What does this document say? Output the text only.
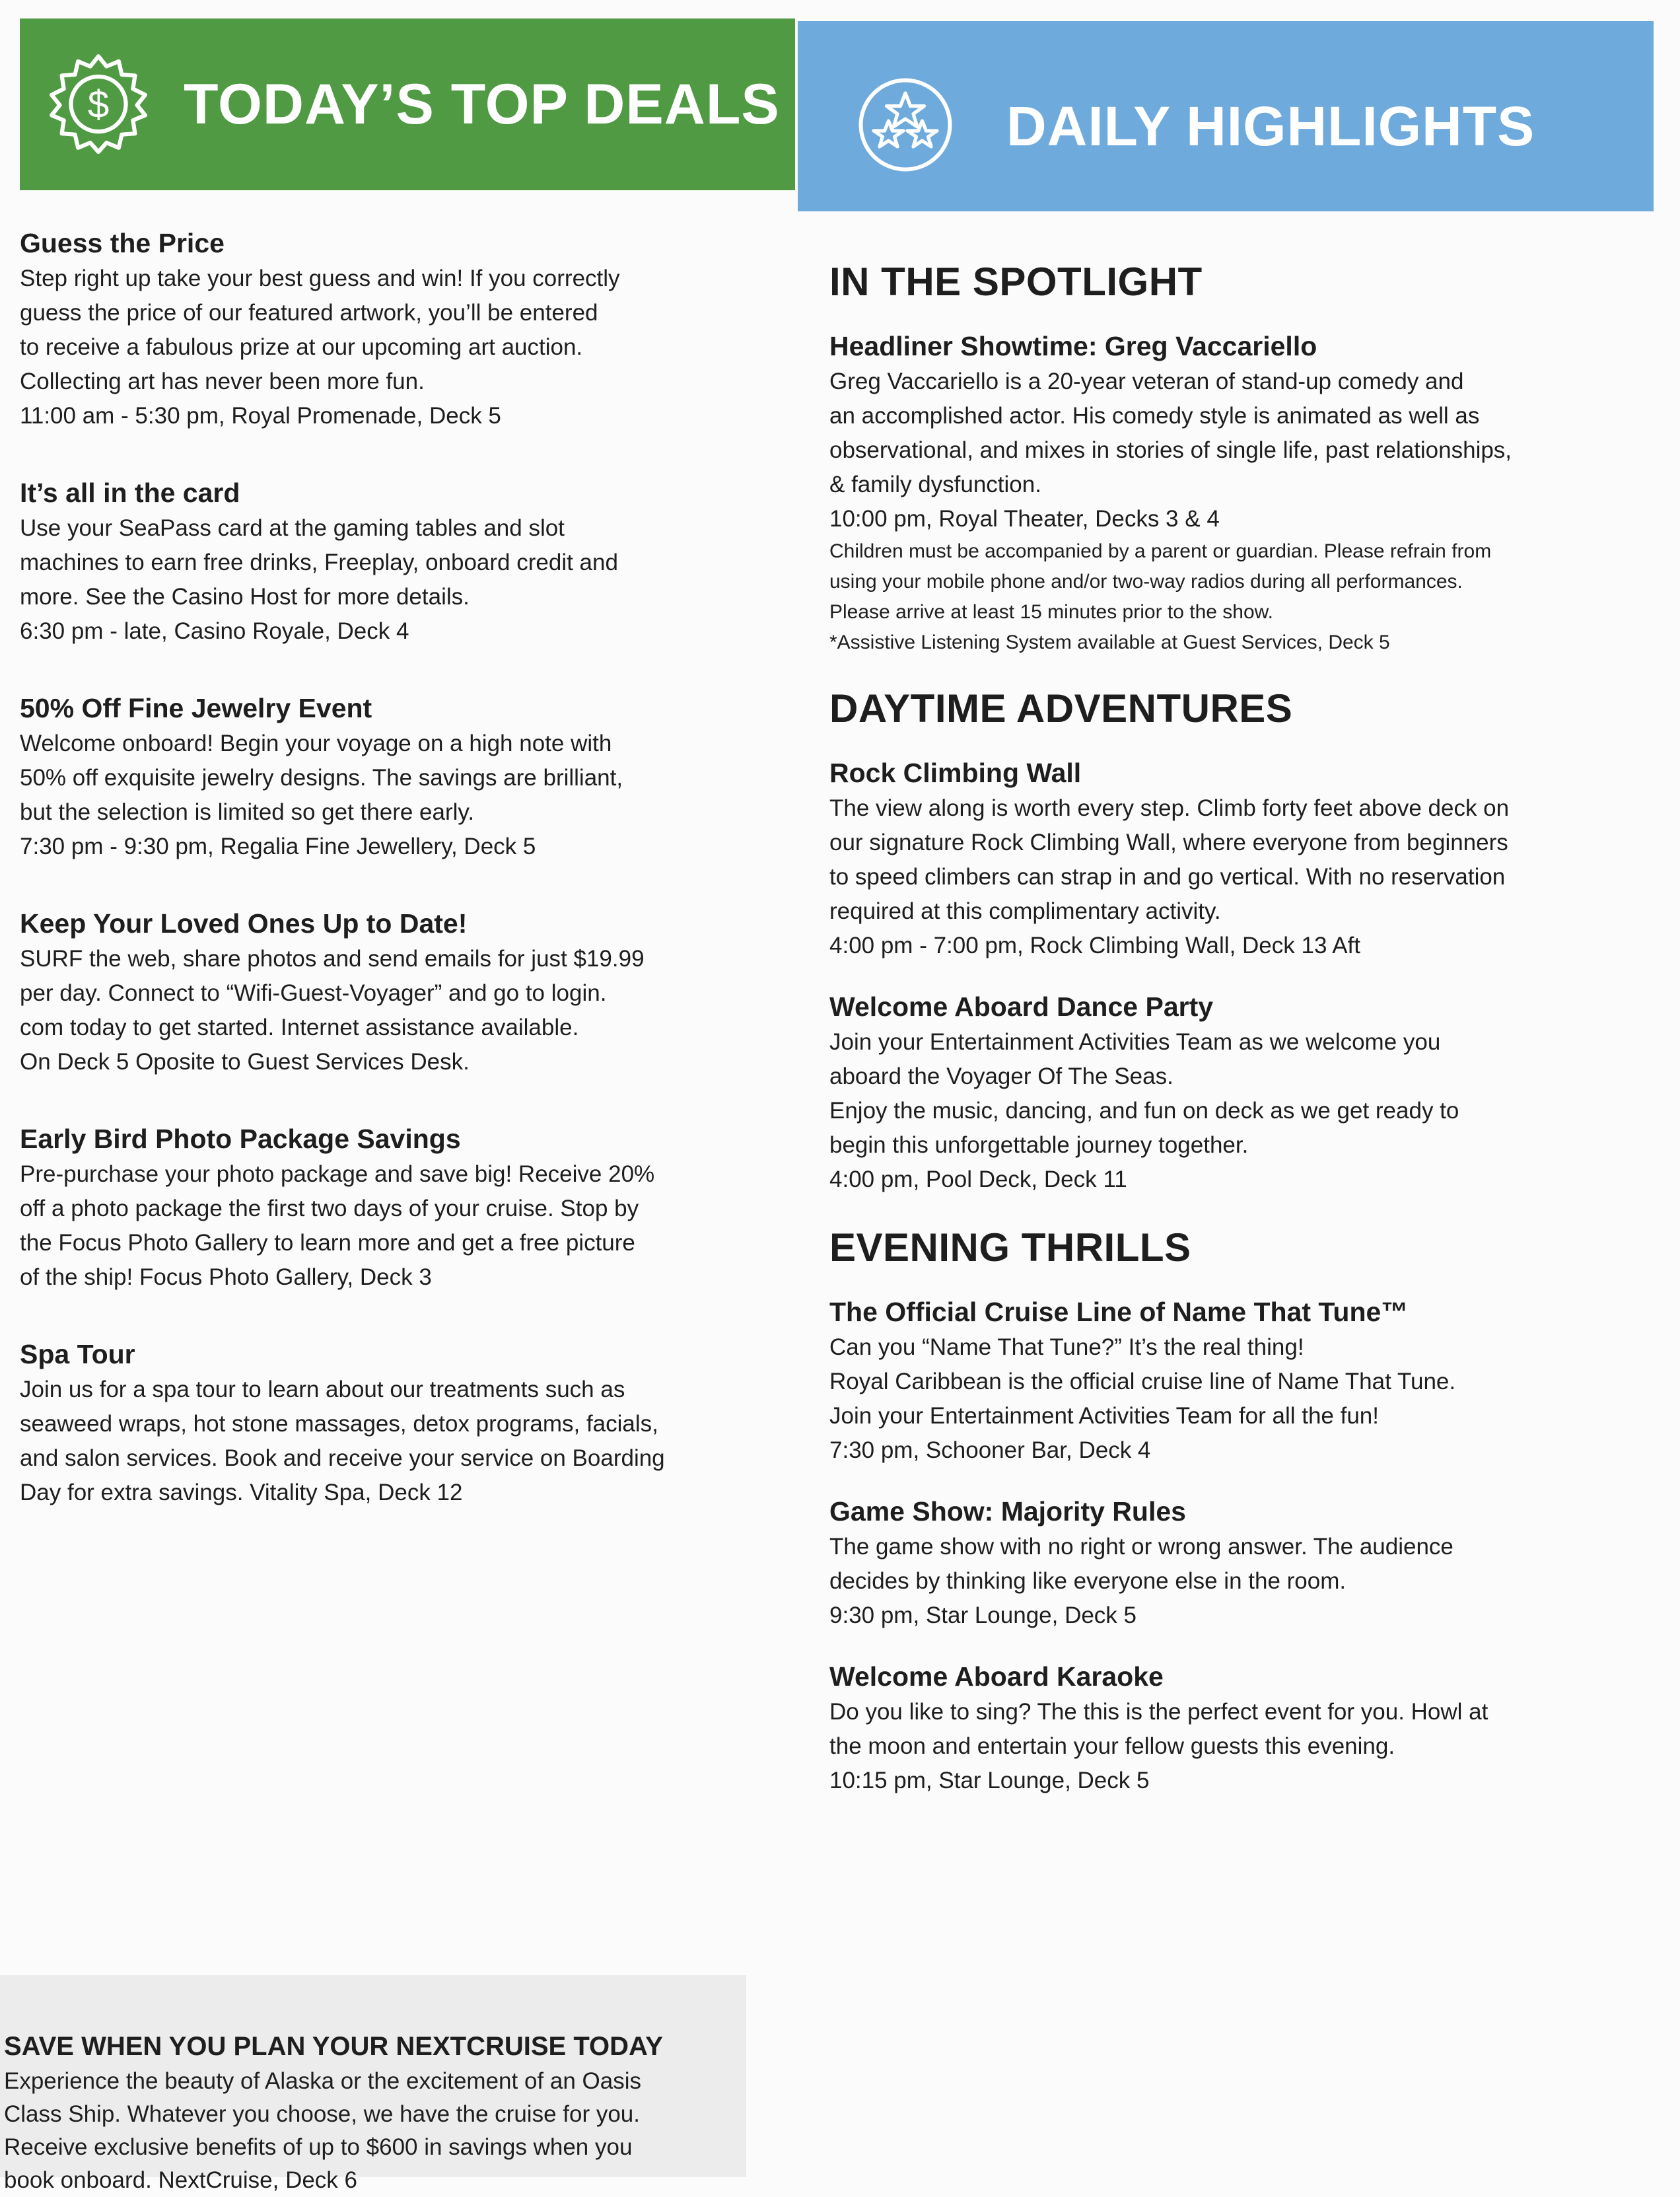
$ TODAY’S TOP DEALS	DAILY HIGHLIGHTS
Guess the Price
Step right up take your best guess and win! If you correctly
guess the price of our featured artwork, you’ll be entered
to receive a fabulous prize at our upcoming art auction.
Collecting art has never been more fun.
11:00 am - 5:30 pm, Royal Promenade, Deck 5
It’s all in the card
Use your SeaPass card at the gaming tables and slot
machines to earn free drinks, Freeplay, onboard credit and
more. See the Casino Host for more details.
6:30 pm - late, Casino Royale, Deck 4
50% Off Fine Jewelry Event
Welcome onboard! Begin your voyage on a high note with
50% off exquisite jewelry designs. The savings are brilliant,
but the selection is limited so get there early.
7:30 pm - 9:30 pm, Regalia Fine Jewellery, Deck 5
Keep Your Loved Ones Up to Date!
SURF the web, share photos and send emails for just $19.99
per day. Connect to “Wifi-Guest-Voyager” and go to login.
com today to get started. Internet assistance available.
On Deck 5 Oposite to Guest Services Desk.
Early Bird Photo Package Savings
Pre-purchase your photo package and save big! Receive 20%
off a photo package the first two days of your cruise. Stop by
the Focus Photo Gallery to learn more and get a free picture
of the ship! Focus Photo Gallery, Deck 3
Spa Tour
Join us for a spa tour to learn about our treatments such as
seaweed wraps, hot stone massages, detox programs, facials,
and salon services. Book and receive your service on Boarding
Day for extra savings. Vitality Spa, Deck 12
IN THE SPOTLIGHT
Headliner Showtime: Greg Vaccariello
Greg Vaccariello is a 20-year veteran of stand-up comedy and
an accomplished actor. His comedy style is animated as well as
observational, and mixes in stories of single life, past relationships,
& family dysfunction.
10:00 pm, Royal Theater, Decks 3 & 4
Children must be accompanied by a parent or guardian. Please refrain from
using your mobile phone and/or two-way radios during all performances.
Please arrive at least 15 minutes prior to the show.
*Assistive Listening System available at Guest Services, Deck 5
DAYTIME ADVENTURES
Rock Climbing Wall
The view along is worth every step. Climb forty feet above deck on
our signature Rock Climbing Wall, where everyone from beginners
to speed climbers can strap in and go vertical. With no reservation
required at this complimentary activity.
4:00 pm - 7:00 pm, Rock Climbing Wall, Deck 13 Aft
Welcome Aboard Dance Party
Join your Entertainment Activities Team as we welcome you
aboard the Voyager Of The Seas.
Enjoy the music, dancing, and fun on deck as we get ready to
begin this unforgettable journey together.
4:00 pm, Pool Deck, Deck 11
EVENING THRILLS
The Official Cruise Line of Name That Tune™
Can you “Name That Tune?” It’s the real thing!
Royal Caribbean is the official cruise line of Name That Tune.
Join your Entertainment Activities Team for all the fun!
7:30 pm, Schooner Bar, Deck 4
Game Show: Majority Rules
The game show with no right or wrong answer. The audience
decides by thinking like everyone else in the room.
9:30 pm, Star Lounge, Deck 5
Welcome Aboard Karaoke
Do you like to sing? The this is the perfect event for you. Howl at
the moon and entertain your fellow guests this evening.
10:15 pm, Star Lounge, Deck 5
SAVE WHEN YOU PLAN YOUR NEXTCRUISE TODAY
Experience the beauty of Alaska or the excitement of an Oasis
Class Ship. Whatever you choose, we have the cruise for you.
Receive exclusive benefits of up to $600 in savings when you
book onboard. NextCruise, Deck 6
